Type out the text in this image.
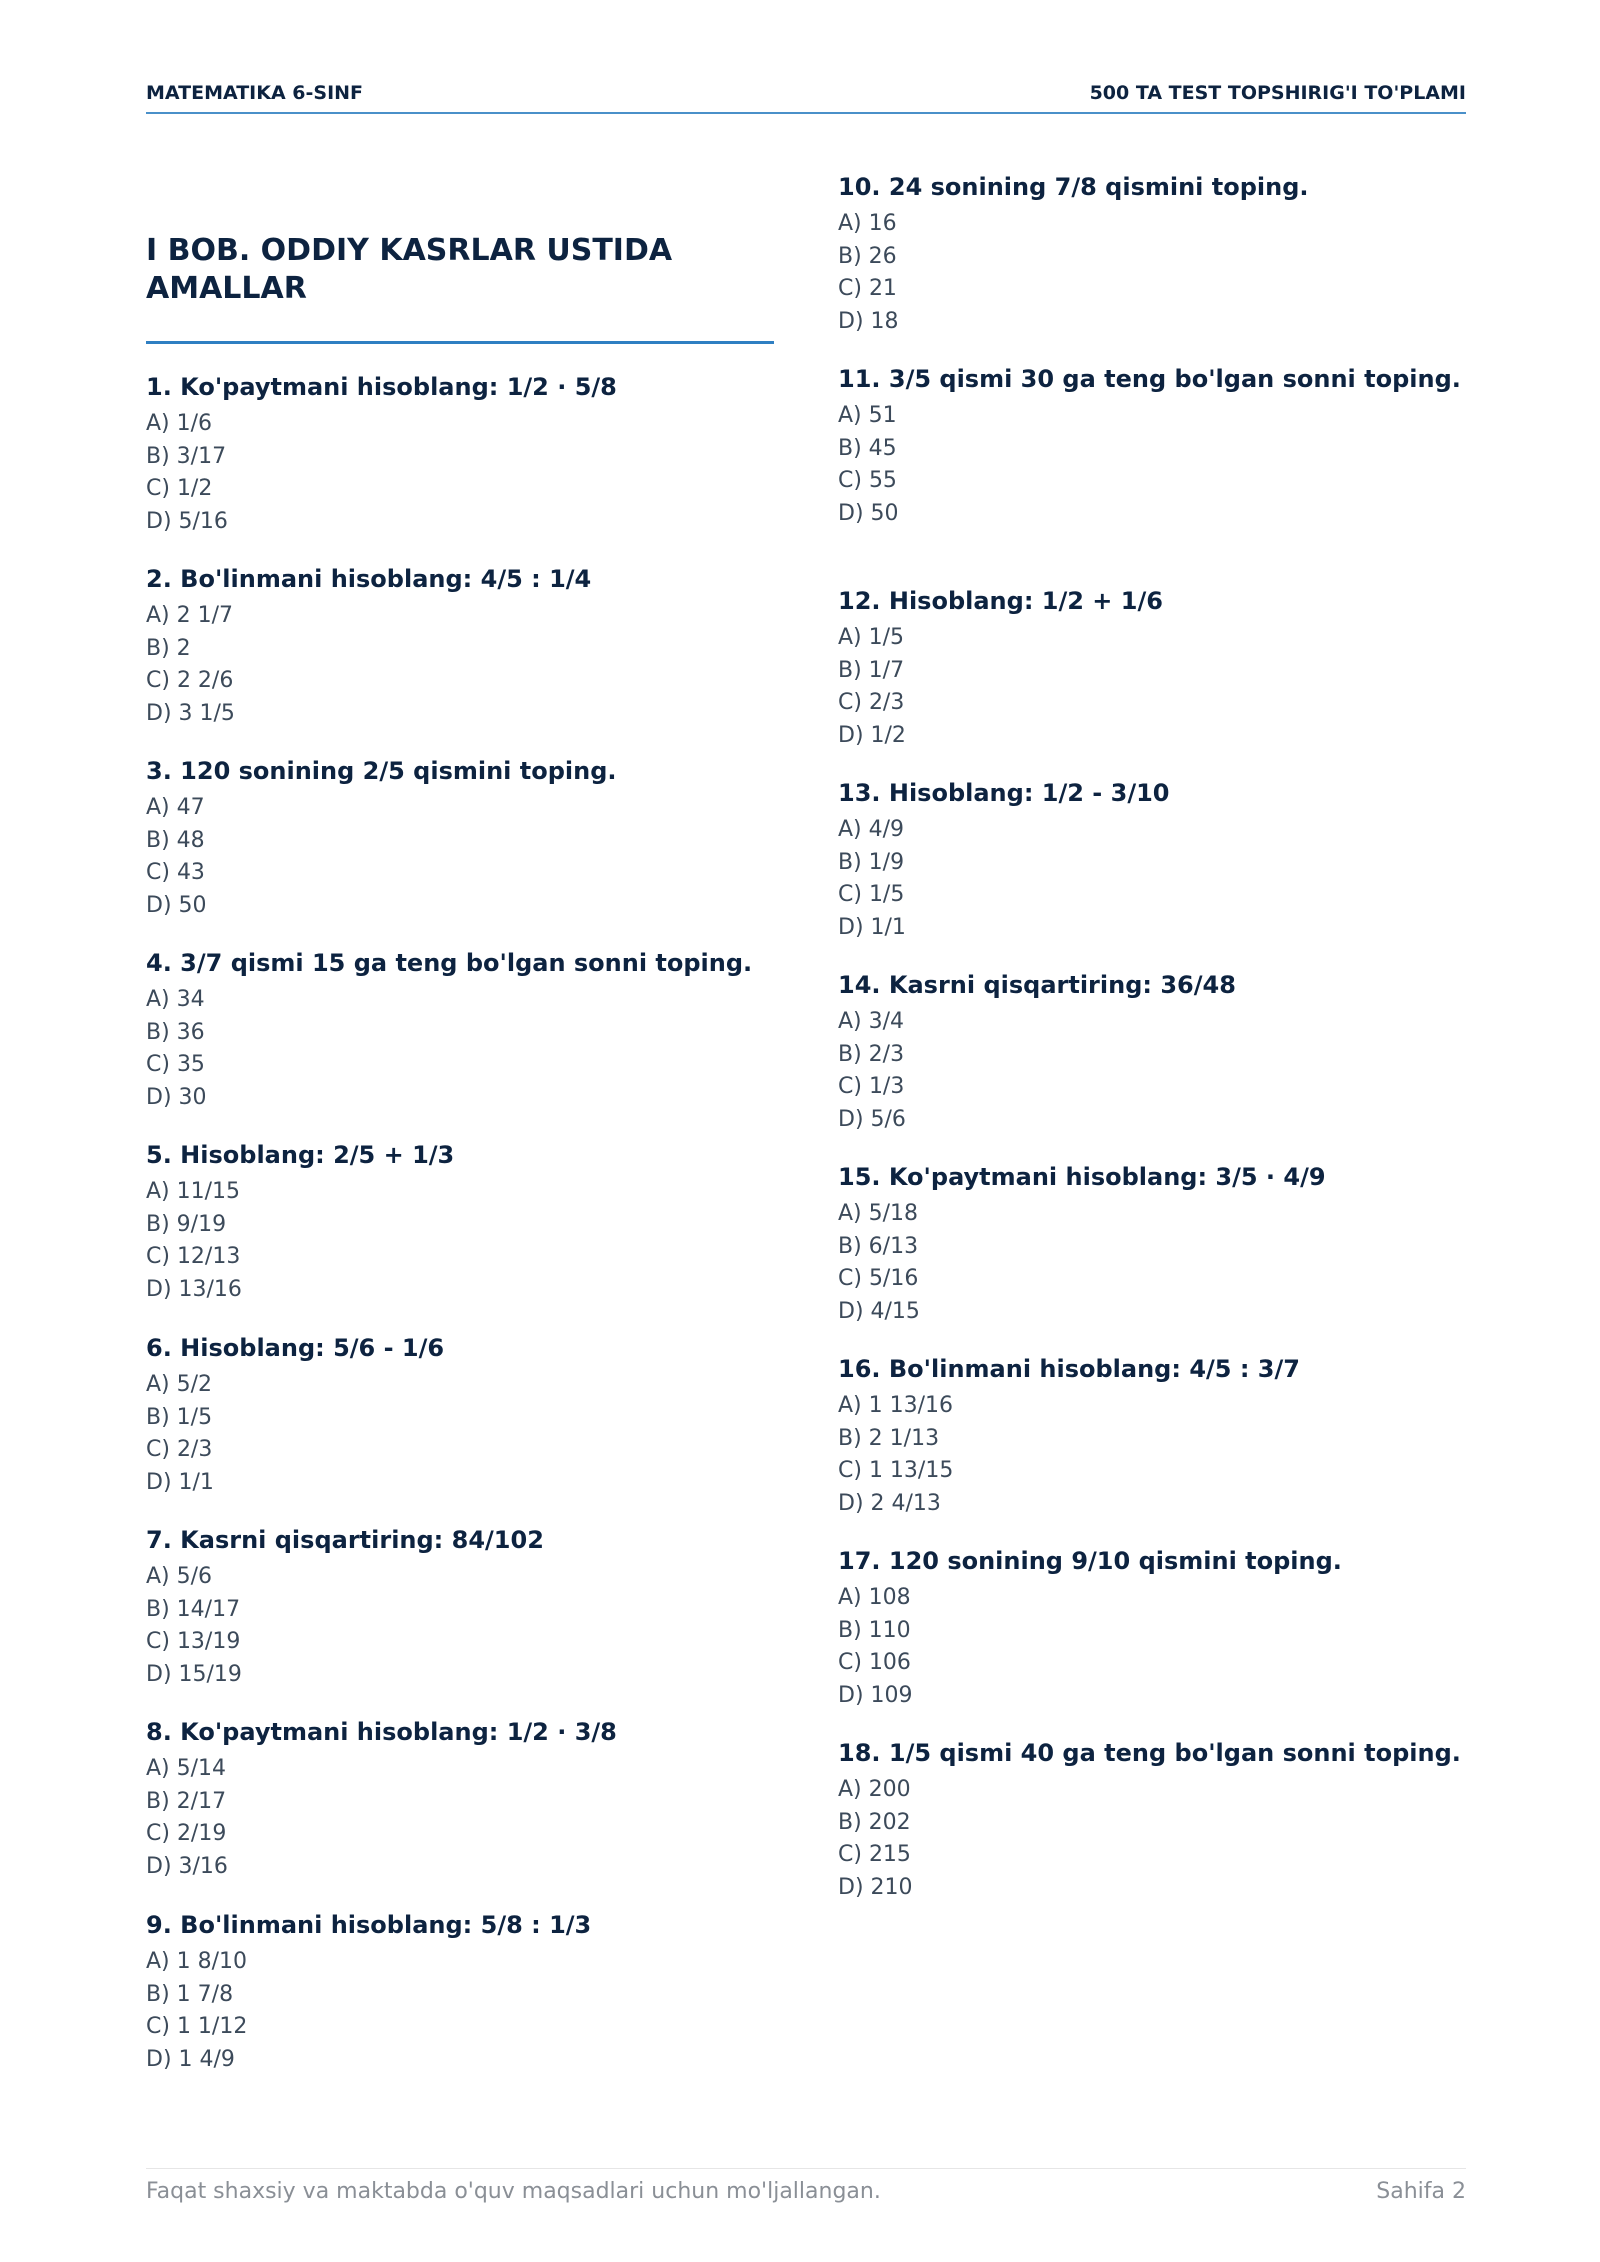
MATEMATIKA 6-SINF	500 TA TEST TOPSHIRIG'I TO'PLAMI
I BOB. ODDIY KASRLAR USTIDA AMALLAR
1. Ko'paytmani hisoblang: 1/2 · 5/8
A) 1/6
B) 3/17
C) 1/2
D) 5/16
2. Bo'linmani hisoblang: 4/5 : 1/4
A) 2 1/7
B) 2
C) 2 2/6
D) 3 1/5
3. 120 sonining 2/5 qismini toping.
A) 47
B) 48
C) 43
D) 50
4. 3/7 qismi 15 ga teng bo'lgan sonni toping.
A) 34
B) 36
C) 35
D) 30
5. Hisoblang: 2/5 + 1/3
A) 11/15
B) 9/19
C) 12/13
D) 13/16
6. Hisoblang: 5/6 - 1/6
A) 5/2
B) 1/5
C) 2/3
D) 1/1
7. Kasrni qisqartiring: 84/102
A) 5/6
B) 14/17
C) 13/19
D) 15/19
8. Ko'paytmani hisoblang: 1/2 · 3/8
A) 5/14
B) 2/17
C) 2/19
D) 3/16
9. Bo'linmani hisoblang: 5/8 : 1/3
A) 1 8/10
B) 1 7/8
C) 1 1/12
D) 1 4/9
10. 24 sonining 7/8 qismini toping.
A) 16
B) 26
C) 21
D) 18
11. 3/5 qismi 30 ga teng bo'lgan sonni toping.
A) 51
B) 45
C) 55
D) 50
12. Hisoblang: 1/2 + 1/6
A) 1/5
B) 1/7
C) 2/3
D) 1/2
13. Hisoblang: 1/2 - 3/10
A) 4/9
B) 1/9
C) 1/5
D) 1/1
14. Kasrni qisqartiring: 36/48
A) 3/4
B) 2/3
C) 1/3
D) 5/6
15. Ko'paytmani hisoblang: 3/5 · 4/9
A) 5/18
B) 6/13
C) 5/16
D) 4/15
16. Bo'linmani hisoblang: 4/5 : 3/7
A) 1 13/16
B) 2 1/13
C) 1 13/15
D) 2 4/13
17. 120 sonining 9/10 qismini toping.
A) 108
B) 110
C) 106
D) 109
18. 1/5 qismi 40 ga teng bo'lgan sonni toping.
A) 200
B) 202
C) 215
D) 210
Faqat shaxsiy va maktabda o'quv maqsadlari uchun mo'ljallangan.	Sahifa 2
